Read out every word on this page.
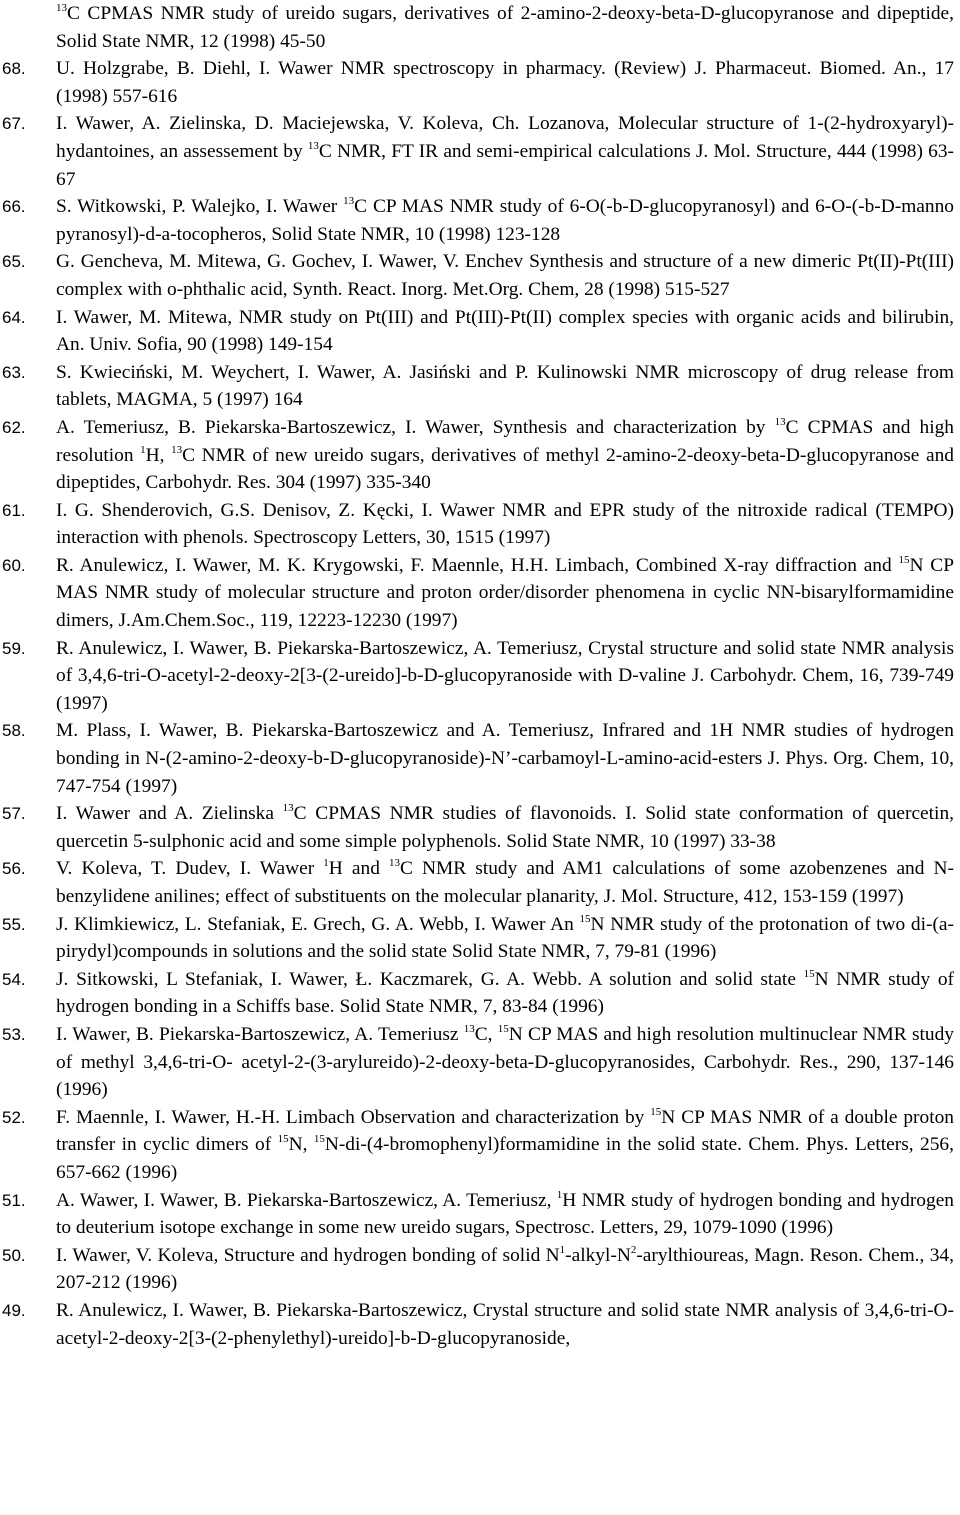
$^{13}$C CPMAS NMR study of ureido sugars, derivatives of 2-amino-2-deoxy-beta-D-glucopyranose and dipeptide, Solid State NMR, 12 (1998) 45-50
68. U. Holzgrabe, B. Diehl, I. Wawer NMR spectroscopy in pharmacy. (Review) J. Pharmaceut. Biomed. An., 17 (1998) 557-616
67. I. Wawer, A. Zielinska, D. Maciejewska, V. Koleva, Ch. Lozanova, Molecular structure of 1-(2-hydroxyaryl)-hydantoines, an assessement by $^{13}$C NMR, FT IR and semi-empirical calculations J. Mol. Structure, 444 (1998) 63-67
66. S. Witkowski, P. Walejko, I. Wawer $^{13}$C CP MAS NMR study of 6-O(-b-D-glucopyranosyl) and 6-O-(-b-D-manno pyranosyl)-d-a-tocopheros, Solid State NMR, 10 (1998) 123-128
65. G. Gencheva, M. Mitewa, G. Gochev, I. Wawer, V. Enchev Synthesis and structure of a new dimeric Pt(II)-Pt(III) complex with o-phthalic acid, Synth. React. Inorg. Met.Org. Chem, 28 (1998) 515-527
64. I. Wawer, M. Mitewa, NMR study on Pt(III) and Pt(III)-Pt(II) complex species with organic acids and bilirubin, An. Univ. Sofia, 90 (1998) 149-154
63. S. Kwieciński, M. Weychert, I. Wawer, A. Jasiński and P. Kulinowski NMR microscopy of drug release from tablets, MAGMA, 5 (1997) 164
62. A. Temeriusz, B. Piekarska-Bartoszewicz, I. Wawer, Synthesis and characterization by $^{13}$C CPMAS and high resolution $^1$H, $^{13}$C NMR of new ureido sugars, derivatives of methyl 2-amino-2-deoxy-beta-D-glucopyranose and dipeptides, Carbohydr. Res. 304 (1997) 335-340
61. I. G. Shenderovich, G.S. Denisov, Z. Kęcki, I. Wawer NMR and EPR study of the nitroxide radical (TEMPO) interaction with phenols. Spectroscopy Letters, 30, 1515 (1997)
60. R. Anulewicz, I. Wawer, M. K. Krygowski, F. Maennle, H.H. Limbach, Combined X-ray diffraction and $^{15}$N CP MAS NMR study of molecular structure and proton order/disorder phenomena in cyclic NN-bisarylformamidine dimers, J.Am.Chem.Soc., 119, 12223-12230 (1997)
59. R. Anulewicz, I. Wawer, B. Piekarska-Bartoszewicz, A. Temeriusz, Crystal structure and solid state NMR analysis of 3,4,6-tri-O-acetyl-2-deoxy-2[3-(2-ureido]-b-D-glucopyranoside with D-valine J. Carbohydr. Chem, 16, 739-749 (1997)
58. M. Plass, I. Wawer, B. Piekarska-Bartoszewicz and A. Temeriusz, Infrared and 1H NMR studies of hydrogen bonding in N-(2-amino-2-deoxy-b-D-glucopyranoside)-N’-carbamoyl-L-amino-acid-esters J. Phys. Org. Chem, 10, 747-754 (1997)
57. I. Wawer and A. Zielinska $^{13}$C CPMAS NMR studies of flavonoids. I. Solid state conformation of quercetin, quercetin 5-sulphonic acid and some simple polyphenols. Solid State NMR, 10 (1997) 33-38
56. V. Koleva, T. Dudev, I. Wawer $^1$H and $^{13}$C NMR study and AM1 calculations of some azobenzenes and N-benzylidene anilines; effect of substituents on the molecular planarity, J. Mol. Structure, 412, 153-159 (1997)
55. J. Klimkiewicz, L. Stefaniak, E. Grech, G. A. Webb, I. Wawer An $^{15}$N NMR study of the protonation of two di-(a-pirydyl)compounds in solutions and the solid state Solid State NMR, 7, 79-81 (1996)
54. J. Sitkowski, L Stefaniak, I. Wawer, Ł. Kaczmarek, G. A. Webb. A solution and solid state $^{15}$N NMR study of hydrogen bonding in a Schiffs base. Solid State NMR, 7, 83-84 (1996)
53. I. Wawer, B. Piekarska-Bartoszewicz, A. Temeriusz $^{13}$C, $^{15}$N CP MAS and high resolution multinuclear NMR study of methyl 3,4,6-tri-O- acetyl-2-(3-arylureido)-2-deoxy-beta-D-glucopyranosides, Carbohydr. Res., 290, 137-146 (1996)
52. F. Maennle, I. Wawer, H.-H. Limbach Observation and characterization by $^{15}$N CP MAS NMR of a double proton transfer in cyclic dimers of $^{15}$N, $^{15}$N-di-(4-bromophenyl)formamidine in the solid state. Chem. Phys. Letters, 256, 657-662 (1996)
51. A. Wawer, I. Wawer, B. Piekarska-Bartoszewicz, A. Temeriusz, $^1$H NMR study of hydrogen bonding and hydrogen to deuterium isotope exchange in some new ureido sugars, Spectrosc. Letters, 29, 1079-1090 (1996)
50. I. Wawer, V. Koleva, Structure and hydrogen bonding of solid $N^1-alkyl-N^2$-arylthioureas, Magn. Reson. Chem., 34, 207-212 (1996)
49. R. Anulewicz, I. Wawer, B. Piekarska-Bartoszewicz, Crystal structure and solid state NMR analysis of 3,4,6-tri-O-acetyl-2-deoxy-2[3-(2-phenylethyl)-ureido]-b-D-glucopyranoside,
